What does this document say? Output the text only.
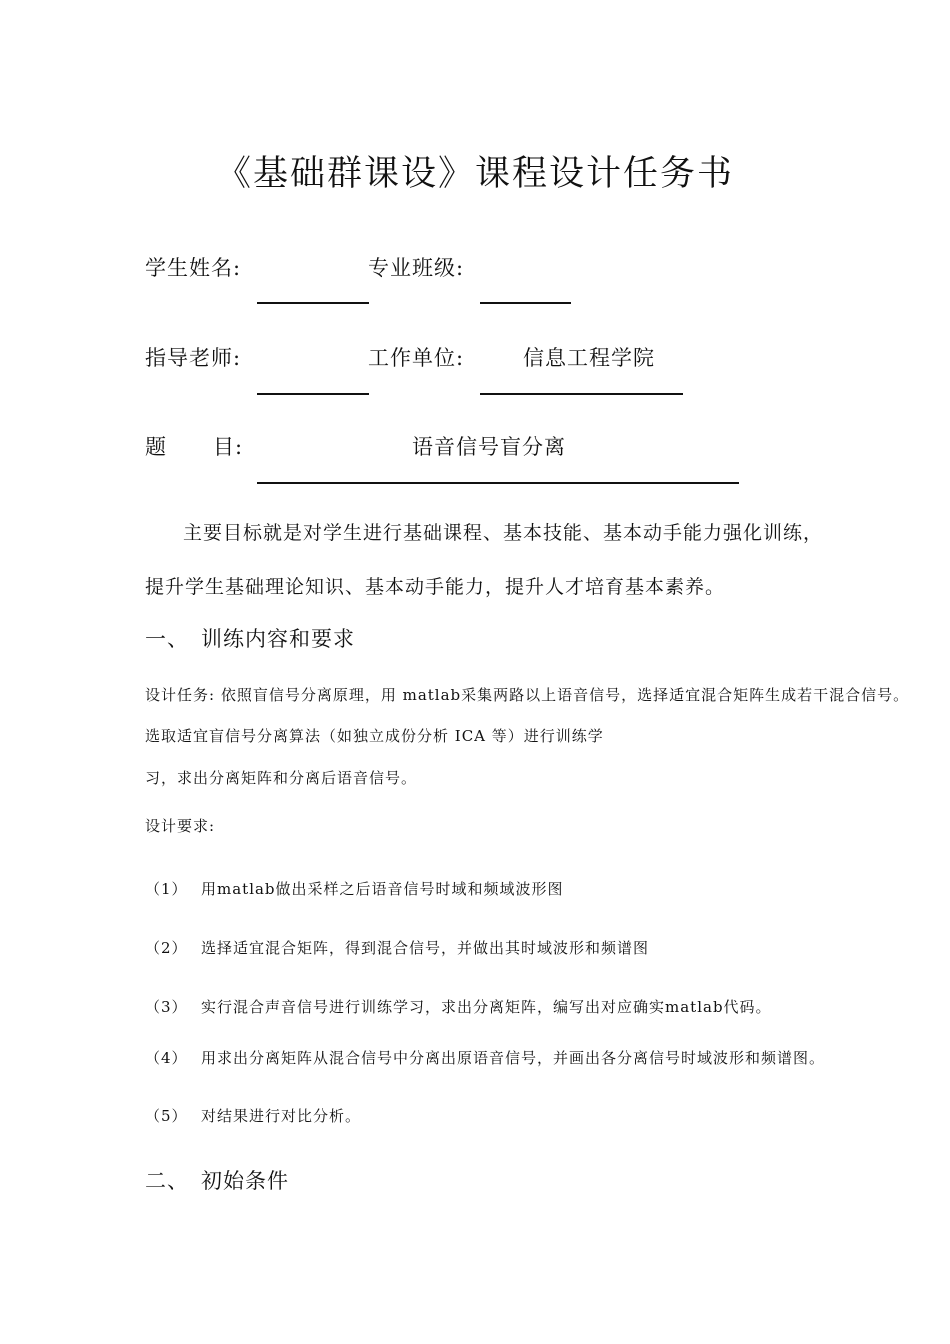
《基础群课设》课程设计任务书
学生姓名:	专业班级:
指导老师:	工作单位:	信息工程学院
题 目:	语音信号盲分离
主要目标就是对学生进行基础课程、基本技能、基本动手能力强化训练，
提升学生基础理论知识、基本动手能力，提升人才培育基本素养。
一、 训练内容和要求
设计任务: 依照盲信号分离原理，用 matlab采集两路以上语音信号，选择适宜混合矩阵生成若干混合信号。
选取适宜盲信号分离算法（如独立成份分析 ICA 等）进行训练学
习，求出分离矩阵和分离后语音信号。
设计要求:
（1） 用matlab做出采样之后语音信号时域和频域波形图
（2） 选择适宜混合矩阵，得到混合信号，并做出其时域波形和频谱图
（3） 实行混合声音信号进行训练学习，求出分离矩阵，编写出对应确实matlab代码。
（4） 用求出分离矩阵从混合信号中分离出原语音信号，并画出各分离信号时域波形和频谱图。
（5） 对结果进行对比分析。
二、 初始条件
